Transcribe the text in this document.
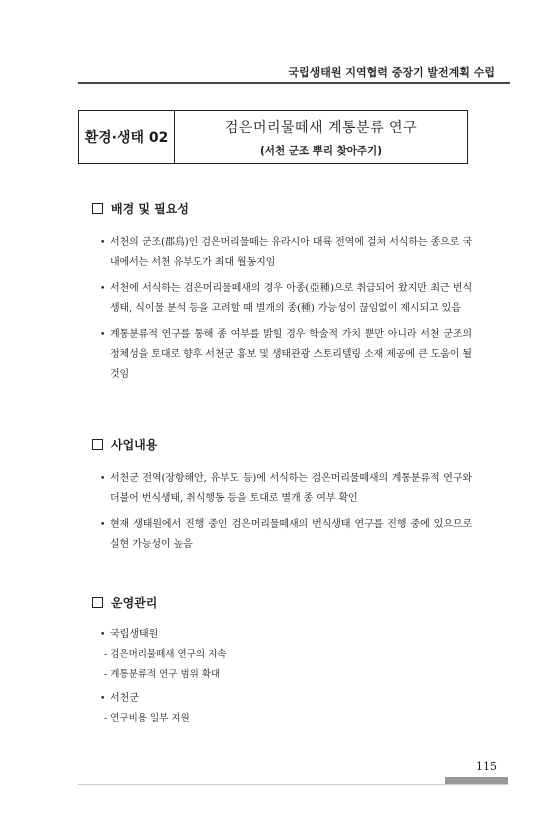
국립생태원 지역협력 중장기 발전계획 수립
환경·생태 02
검은머리물떼새 계통분류 연구
(서천 군조 뿌리 찾아주기)
배경 및 필요성
• 서천의 군조(郡鳥)인 검은머리물떼는 유라시아 대륙 전역에 걸쳐 서식하는 종으로 국내에서는 서천 유부도가 최대 월동지임
• 서천에 서식하는 검은머리물떼새의 경우 아종(亞種)으로 취급되어 왔지만 최근 번식생태, 식이물 분석 등을 고려할 때 별개의 종(種) 가능성이 끊임없이 제시되고 있음
• 계통분류적 연구를 통해 종 여부를 밝힐 경우 학술적 가치 뿐만 아니라 서천 군조의 정체성을 토대로 향후 서천군 홍보 및 생태관광 스토리텔링 소재 제공에 큰 도움이 될 것임
사업내용
• 서천군 전역(장항해안, 유부도 등)에 서식하는 검은머리물떼새의 계통분류적 연구와 더불어 번식생태, 취식행동 등을 토대로 별개 종 여부 확인
• 현재 생태원에서 진행 중인 검은머리물떼새의 번식생태 연구를 진행 중에 있으므로 실현 가능성이 높음
운영관리
• 국립생태원
- 검은머리물떼새 연구의 지속
- 계통분류적 연구 범위 확대
• 서천군
- 연구비용 일부 지원
115
